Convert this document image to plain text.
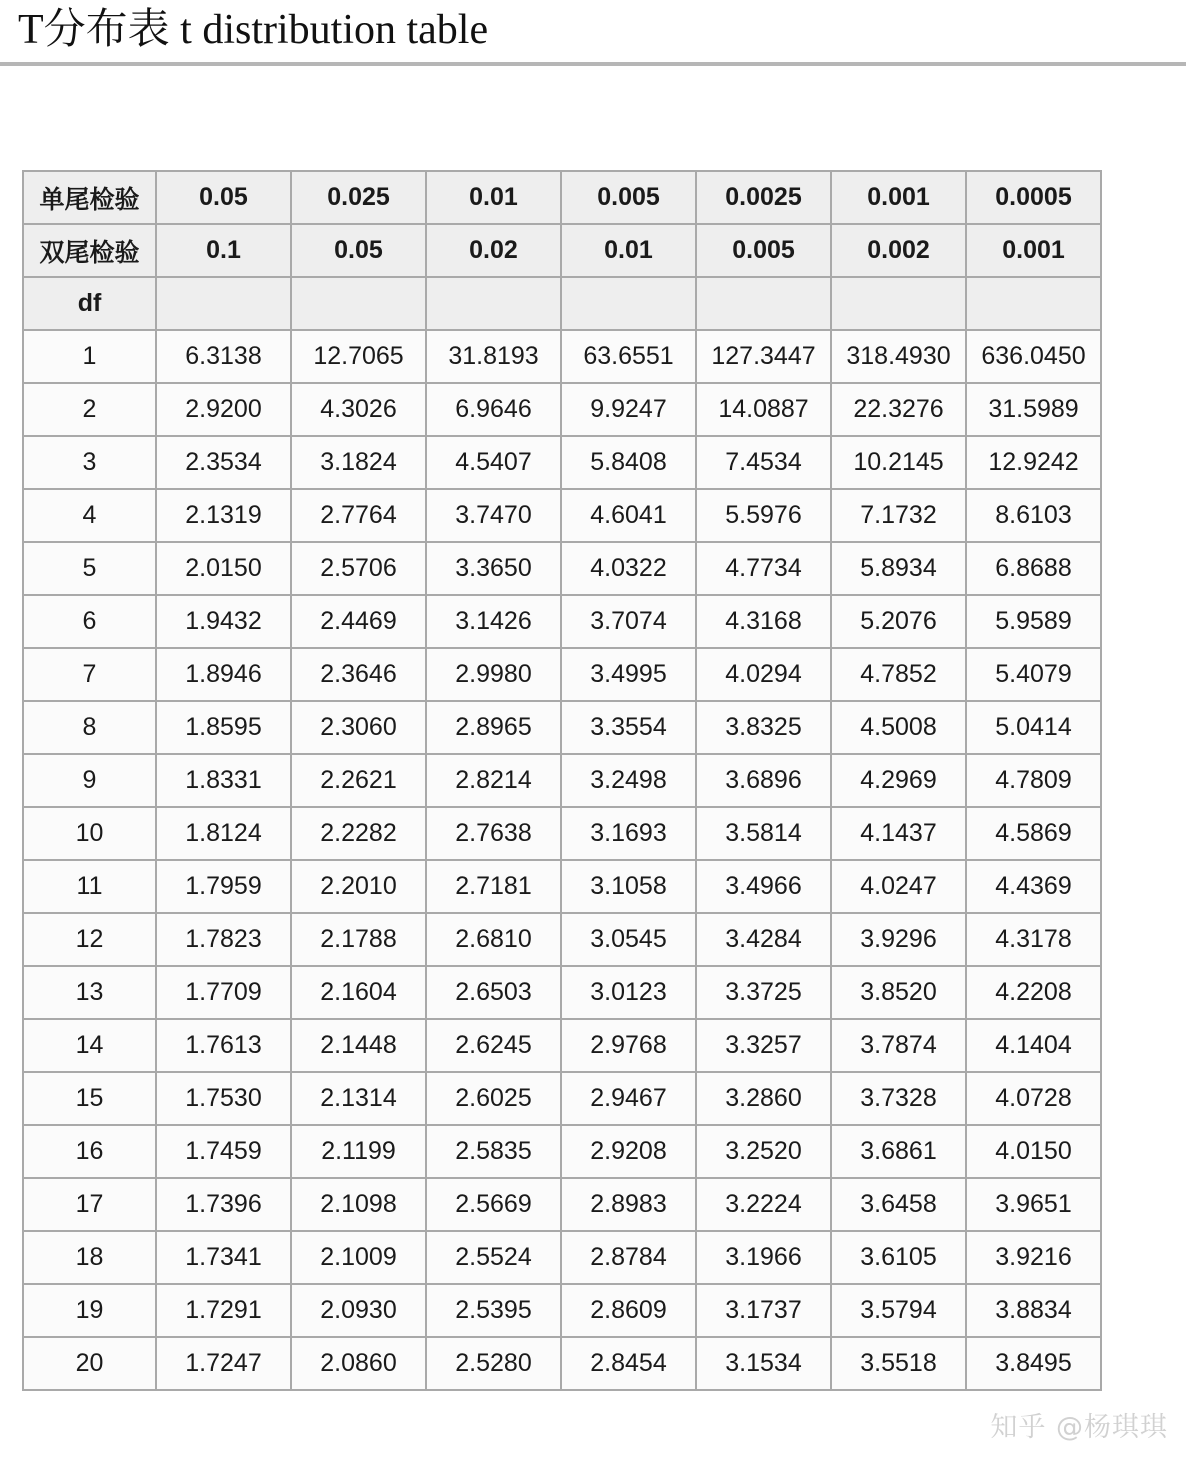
T分布表 t distribution table
单尾检验	0.05	0.025	0.01	0.005	0.0025	0.001	0.0005
双尾检验	0.1	0.05	0.02	0.01	0.005	0.002	0.001
df							
1	6.3138	12.7065	31.8193	63.6551	127.3447	318.4930	636.0450
2	2.9200	4.3026	6.9646	9.9247	14.0887	22.3276	31.5989
3	2.3534	3.1824	4.5407	5.8408	7.4534	10.2145	12.9242
4	2.1319	2.7764	3.7470	4.6041	5.5976	7.1732	8.6103
5	2.0150	2.5706	3.3650	4.0322	4.7734	5.8934	6.8688
6	1.9432	2.4469	3.1426	3.7074	4.3168	5.2076	5.9589
7	1.8946	2.3646	2.9980	3.4995	4.0294	4.7852	5.4079
8	1.8595	2.3060	2.8965	3.3554	3.8325	4.5008	5.0414
9	1.8331	2.2621	2.8214	3.2498	3.6896	4.2969	4.7809
10	1.8124	2.2282	2.7638	3.1693	3.5814	4.1437	4.5869
11	1.7959	2.2010	2.7181	3.1058	3.4966	4.0247	4.4369
12	1.7823	2.1788	2.6810	3.0545	3.4284	3.9296	4.3178
13	1.7709	2.1604	2.6503	3.0123	3.3725	3.8520	4.2208
14	1.7613	2.1448	2.6245	2.9768	3.3257	3.7874	4.1404
15	1.7530	2.1314	2.6025	2.9467	3.2860	3.7328	4.0728
16	1.7459	2.1199	2.5835	2.9208	3.2520	3.6861	4.0150
17	1.7396	2.1098	2.5669	2.8983	3.2224	3.6458	3.9651
18	1.7341	2.1009	2.5524	2.8784	3.1966	3.6105	3.9216
19	1.7291	2.0930	2.5395	2.8609	3.1737	3.5794	3.8834
20	1.7247	2.0860	2.5280	2.8454	3.1534	3.5518	3.8495
知乎 @杨琪琪
